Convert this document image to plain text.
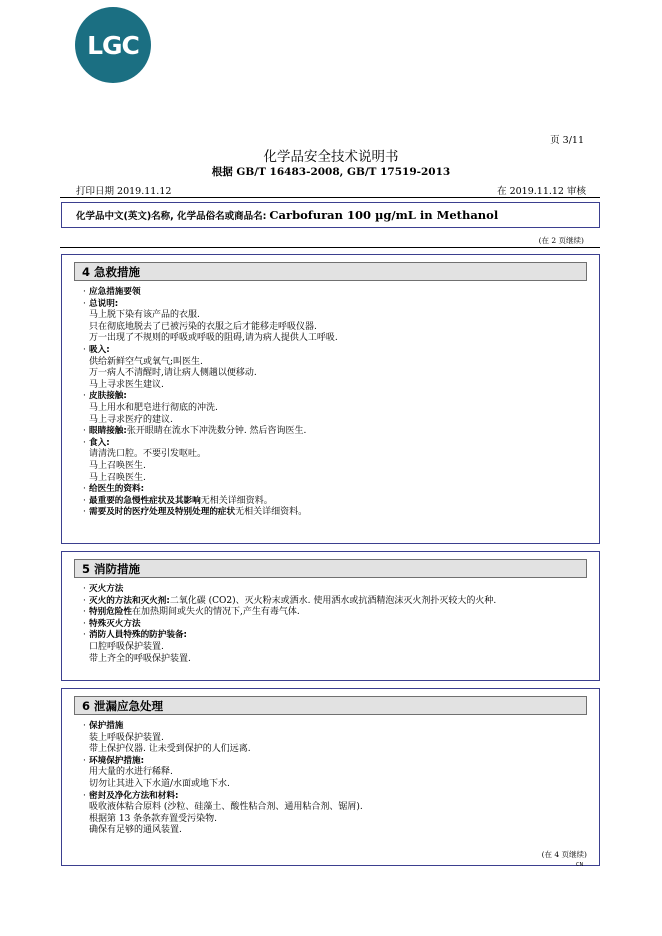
LGC
页 3/11
化学品安全技术说明书
根据 GB/T 16483-2008, GB/T 17519-2013
打印日期 2019.11.12	在 2019.11.12 审核
化学品中文(英文)名称, 化学品俗名或商品名: Carbofuran 100 µg/mL in Methanol
(在 2 页继续)
4 急救措施
· 应急措施要领
· 总说明:
马上脱下染有该产品的衣服.
只在彻底地脱去了已被污染的衣服之后才能移走呼吸仪器.
万一出现了不规则的呼吸或呼吸的阻碍,请为病人提供人工呼吸.
· 吸入:
供给新鲜空气或氧气;叫医生.
万一病人不清醒时,请让病人侧趟以便移动.
马上寻求医生建议.
· 皮肤接触:
马上用水和肥皂进行彻底的冲洗.
马上寻求医疗的建议.
· 眼睛接触: 张开眼睛在流水下冲洗数分钟. 然后咨询医生.
· 食入:
请清洗口腔。不要引发呕吐。
马上召唤医生.
马上召唤医生.
· 给医生的资料:
· 最重要的急慢性症状及其影响 无相关详细资料。
· 需要及时的医疗处理及特别处理的症状 无相关详细资料。
5 消防措施
· 灭火方法
· 灭火的方法和灭火剂: 二氧化碳 (CO2)、灭火粉末或洒水. 使用洒水或抗酒精泡沫灭火剂扑灭较大的火种.
· 特别危险性 在加热期间或失火的情况下,产生有毒气体.
· 特殊灭火方法
· 消防人員特殊的防护装备:
口腔呼吸保护装置.
带上齐全的呼吸保护装置.
6 泄漏应急处理
· 保护措施
装上呼吸保护装置.
带上保护仪器. 让未受到保护的人们远离.
· 环境保护措施:
用大量的水进行稀释.
切勿让其进入下水道/水面或地下水.
· 密封及净化方法和材料:
吸收液体粘合原料 (沙粒、硅藻土、酸性粘合剂、通用粘合剂、锯屑).
根据第 13 条条款弃置受污染物.
确保有足够的通风装置.
(在 4 页继续)
CN
